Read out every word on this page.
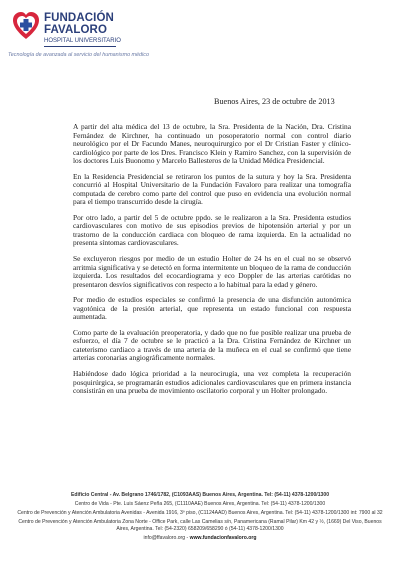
FUNDACIÓN
FAVALORO
HOSPITAL UNIVERSITARIO
Tecnología de avanzada al servicio del humanismo médico
Buenos Aires, 23 de octubre de 2013

A partir del alta médica del 13 de octubre, la Sra. Presidenta de la Nación, Dra. Cristina Fernández de Kirchner, ha continuado un posoperatorio normal con control diario neurológico por el Dr Facundo Manes, neuroquirurgico por el Dr Cristian Faster y clínico-cardiológico por parte de los Dres. Francisco Klein y Ramiro Sanchez, con la supervisión de los doctores Luis Buonomo y Marcelo Ballesteros de la Unidad Médica Presidencial.

En la Residencia Presidencial se retiraron los puntos de la sutura y hoy la Sra. Presidenta concurrió al Hospital Universitario de la Fundación Favaloro para realizar una tomografía computada de cerebro como parte del control que puso en evidencia una evolución normal para el tiempo transcurrido desde la cirugía.

Por otro lado, a partir del 5 de octubre ppdo. se le realizaron a la Sra. Presidenta estudios cardiovasculares con motivo de sus episodios previos de hipotensión arterial y por un trastorno de la conducción cardiaca con bloqueo de rama izquierda. En la actualidad no presenta síntomas cardiovasculares.

Se excluyeron riesgos por medio de un estudio Holter de 24 hs en el cual no se observó arritmia significativa y se detectó en forma intermitente un bloqueo de la rama de conducción izquierda. Los resultados del ecocardiograma y eco Doppler de las arterias carótidas no presentaron desvíos significativos con respecto a lo habitual para la edad y género.

Por medio de estudios especiales se confirmó la presencia de una disfunción autonómica vagotónica de la presión arterial, que representa un estado funcional con respuesta aumentada.

Como parte de la evaluación preoperatoria, y dado que no fue posible realizar una prueba de esfuerzo, el día 7 de octubre se le practicó a la Dra. Cristina Fernández de Kirchner un cateterismo cardiaco a través de una arteria de la muñeca en el cual se confirmó que tiene arterias coronarias angiográficamente normales.

Habiéndose dado lógica prioridad a la neurocirugía, una vez completa la recuperación posquirúrgica, se programarán estudios adicionales cardiovasculares que en primera instancia consistirán en una prueba de movimiento oscilatorio corporal y un Holter prolongado.

Edificio Central - Av. Belgrano 1746/1782, (C1093AAS) Buenos Aires, Argentina. Tel: (54-11) 4378-1200/1300
Centro de Vida - Pte. Luis Sáenz Peña 265, (C1110AAE) Buenos Aires, Argentina. Tel: (54-11) 4378-1200/1300
Centro de Prevención y Atención Ambulatoria Avenidas - Avenida 1916, 3º piso, (C1124AAD) Buenos Aires, Argentina. Tel: (54-11) 4378-1200/1300 int: 7900 al 32
Centro de Prevención y Atención Ambulatoria Zona Norte - Office Park, calle Las Camelias s/n, Panamericana (Ramal Pilar) Km 42 y ½, (1669) Del Viso, Buenos Aires, Argentina. Tel: (54-2320) 658209/658290 ó (54-11) 4378-1200/1300
info@ffavaloro.org - www.fundacionfavaloro.org
